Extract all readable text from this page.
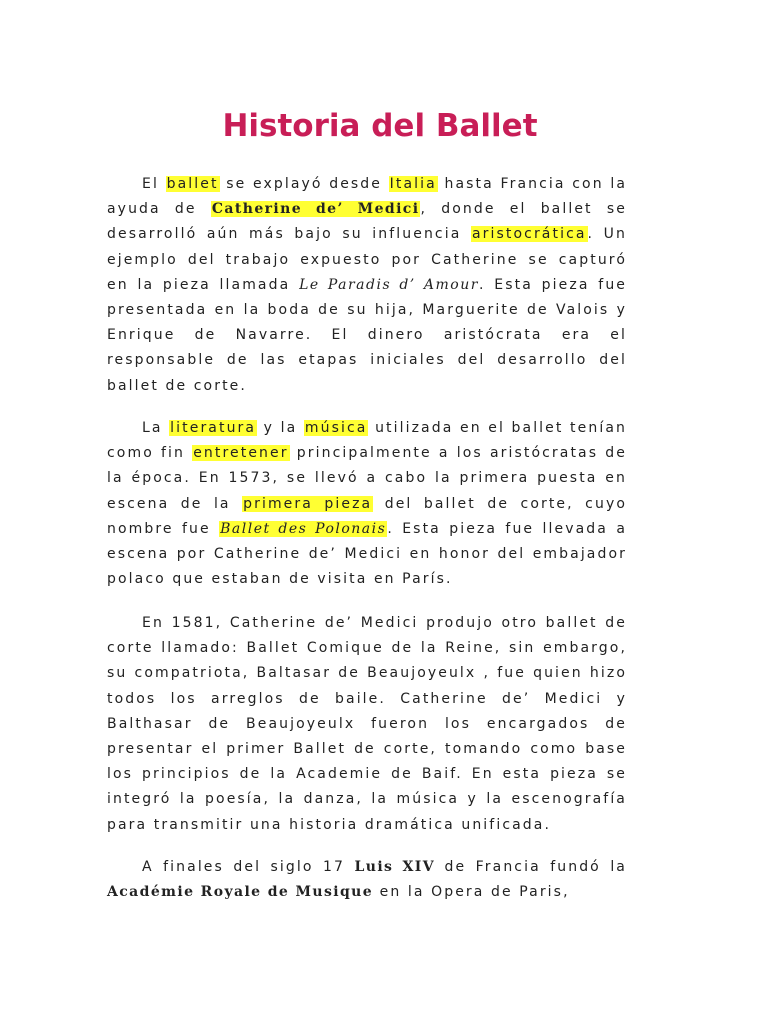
Historia del Ballet

El ballet se explayó desde Italia hasta Francia con la ayuda de Catherine de’ Medici, donde el ballet se desarrolló aún más bajo su influencia aristocrática. Un ejemplo del trabajo expuesto por Catherine se capturó en la pieza llamada Le Paradis d’ Amour. Esta pieza fue presentada en la boda de su hija, Marguerite de Valois y Enrique de Navarre. El dinero aristócrata era el responsable de las etapas iniciales del desarrollo del ballet de corte.

La literatura y la música utilizada en el ballet tenían como fin entretener principalmente a los aristócratas de la época. En 1573, se llevó a cabo la primera puesta en escena de la primera pieza del ballet de corte, cuyo nombre fue Ballet des Polonais. Esta pieza fue llevada a escena por Catherine de’ Medici en honor del embajador polaco que estaban de visita en París.

En 1581, Catherine de’ Medici produjo otro ballet de corte llamado: Ballet Comique de la Reine, sin embargo, su compatriota, Baltasar de Beaujoyeulx , fue quien hizo todos los arreglos de baile. Catherine de’ Medici y Balthasar de Beaujoyeulx fueron los encargados de presentar el primer Ballet de corte, tomando como base los principios de la Academie de Baif. En esta pieza se integró la poesía, la danza, la música y la escenografía para transmitir una historia dramática unificada.

A finales del siglo 17 Luis XIV de Francia fundó la Académie Royale de Musique en la Opera de Paris,
